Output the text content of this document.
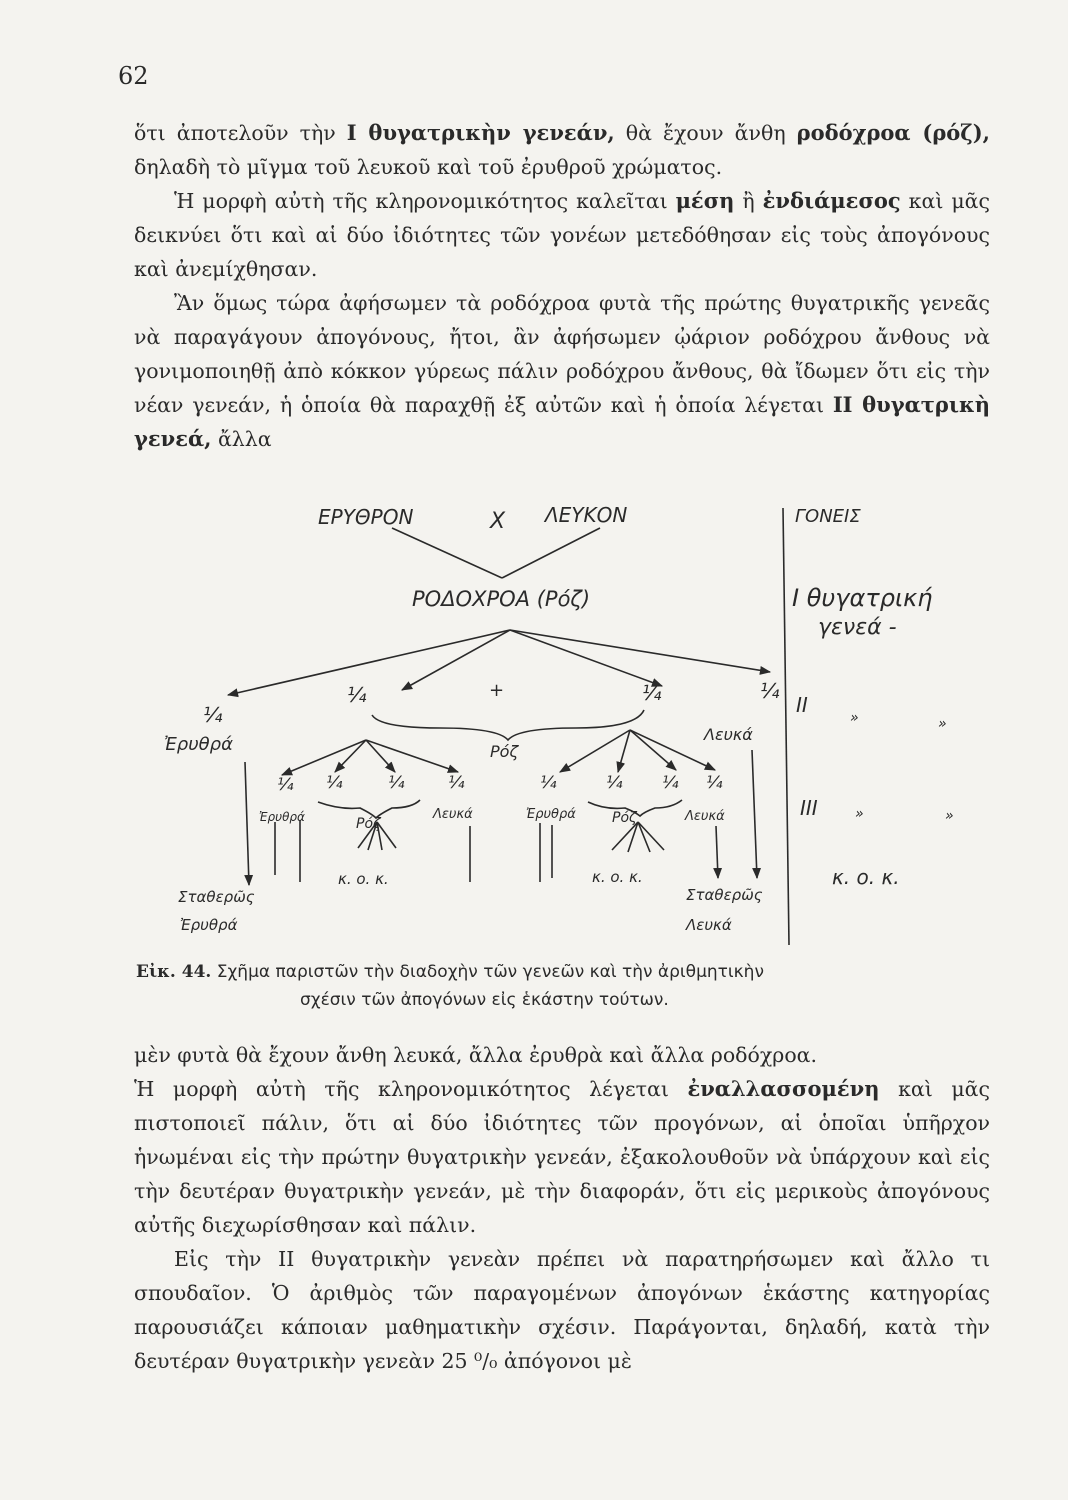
62
ὅτι ἀποτελοῦν τὴν I θυγατρικὴν γενεάν, θὰ ἔχουν ἄνθη ροδόχροα (ρόζ), δηλαδὴ τὸ μῖγμα τοῦ λευκοῦ καὶ τοῦ ἐρυθροῦ χρώματος.
Ἡ μορφὴ αὐτὴ τῆς κληρονομικότητος καλεῖται μέση ἢ ἐνδιάμεσος καὶ μᾶς δεικνύει ὅτι καὶ αἱ δύο ἰδιότητες τῶν γονέων μετεδόθησαν εἰς τοὺς ἀπογόνους καὶ ἀνεμίχθησαν.
Ἂν ὅμως τώρα ἀφήσωμεν τὰ ροδόχροα φυτὰ τῆς πρώτης θυγατρικῆς γενεᾶς νὰ παραγάγουν ἀπογόνους, ἤτοι, ἂν ἀφήσωμεν ᾠάριον ροδόχρου ἄνθους νὰ γονιμοποιηθῇ ἀπὸ κόκκον γύρεως πάλιν ροδόχρου ἄνθους, θὰ ἴδωμεν ὅτι εἰς τὴν νέαν γενεάν, ἡ ὁποία θὰ παραχθῇ ἐξ αὐτῶν καὶ ἡ ὁποία λέγεται II θυγατρικὴ γενεά, ἄλλα
ΕΡΥΘΡΟΝ	X ΛΕΥΚΟΝ	ΓΟΝΕΙΣ
ΡΟΔΟΧΡΟΑ (Ρόζ)	I θυγατρική
γενεά -
II
»	»
¼
Ἐρυθρά
¼	+	¼	¼
Λευκά
Ρόζ
¼ ¼	¼	¼	¼	¼ ¼ ¼
Ἐρυθρά	Ρόζ
Λευκά	Ἐρυθρά	Ρόζ	Λευκά	III	»	»
κ. ο. κ.	κ. ο. κ.	κ. ο. κ.
Σταθερῶς
Ἐρυθρά
Σταθερῶς
Λευκά
Εἰκ. 44. Σχῆμα παριστῶν τὴν διαδοχὴν τῶν γενεῶν καὶ τὴν ἀριθμητικὴν
σχέσιν τῶν ἀπογόνων εἰς ἑκάστην τούτων.
μὲν φυτὰ θὰ ἔχουν ἄνθη λευκά, ἄλλα ἐρυθρὰ καὶ ἄλλα ροδόχροα.
Ἡ μορφὴ αὐτὴ τῆς κληρονομικότητος λέγεται ἐναλλασσομένη καὶ μᾶς πιστοποιεῖ πάλιν, ὅτι αἱ δύο ἰδιότητες τῶν προγόνων, αἱ ὁποῖαι ὑπῆρχον ἡνωμέναι εἰς τὴν πρώτην θυγατρικὴν γενεάν, ἐξακολουθοῦν νὰ ὑπάρχουν καὶ εἰς τὴν δευτέραν θυγατρικὴν γενεάν, μὲ τὴν διαφοράν, ὅτι εἰς μερικοὺς ἀπογόνους αὐτῆς διεχωρίσθησαν καὶ πάλιν.
Εἰς τὴν II θυγατρικὴν γενεὰν πρέπει νὰ παρατηρήσωμεν καὶ ἄλλο τι σπουδαῖον. Ὁ ἀριθμὸς τῶν παραγομένων ἀπογόνων ἑκάστης κατηγορίας παρουσιάζει κάποιαν μαθηματικὴν σχέσιν. Παράγονται, δηλαδή, κατὰ τὴν δευτέραν θυγατρικὴν γενεὰν 25 ⁰/₀ ἀπόγονοι μὲ
